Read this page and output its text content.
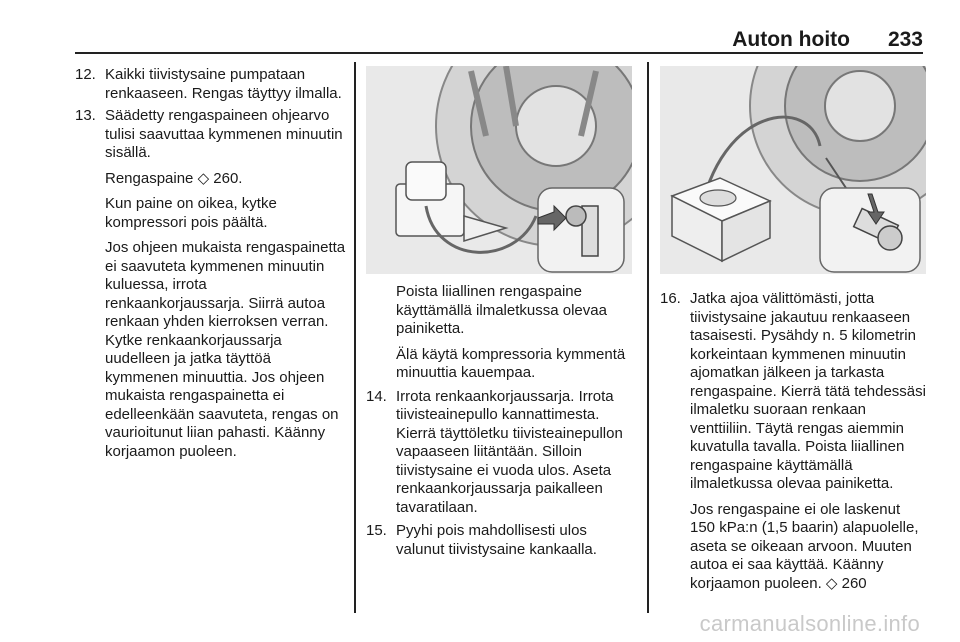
Auton hoito 233
12. Kaikki tiivistysaine pumpataan renkaaseen. Rengas täyttyy ilmalla.
13. Säädetty rengaspaineen ohjearvo tulisi saavuttaa kymmenen minuutin sisällä.
Rengaspaine ◇ 260.
Kun paine on oikea, kytke kompressori pois päältä.
Jos ohjeen mukaista rengaspainetta ei saavuteta kymmenen minuutin kuluessa, irrota renkaankorjaussarja. Siirrä autoa renkaan yhden kierroksen verran. Kytke renkaankorjaussarja uudelleen ja jatka täyttöä kymmenen minuuttia. Jos ohjeen mukaista rengaspainetta ei edelleenkään saavuteta, rengas on vaurioitunut liian pahasti. Käänny korjaamon puoleen.
Poista liiallinen rengaspaine käyttämällä ilmaletkussa olevaa painiketta.
Älä käytä kompressoria kymmentä minuuttia kauempaa.
14. Irrota renkaankorjaussarja. Irrota tiivisteainepullo kannattimesta. Kierrä täyttöletku tiivisteainepullon vapaaseen liitäntään. Silloin tiivistysaine ei vuoda ulos. Aseta renkaankorjaussarja paikalleen tavaratilaan.
15. Pyyhi pois mahdollisesti ulos valunut tiivistysaine kankaalla.
16. Jatka ajoa välittömästi, jotta tiivistysaine jakautuu renkaaseen tasaisesti. Pysähdy n. 5 kilometrin korkeintaan kymmenen minuutin ajomatkan jälkeen ja tarkasta rengaspaine. Kierrä tätä tehdessäsi ilmaletku suoraan renkaan venttiiliin. Täytä rengas aiemmin kuvatulla tavalla. Poista liiallinen rengaspaine käyttämällä ilmaletkussa olevaa painiketta.
Jos rengaspaine ei ole laskenut 150 kPa:n (1,5 baarin) alapuolelle, aseta se oikeaan arvoon. Muuten autoa ei saa käyttää. Käänny korjaamon puoleen. ◇ 260
carmanualsonline.info
